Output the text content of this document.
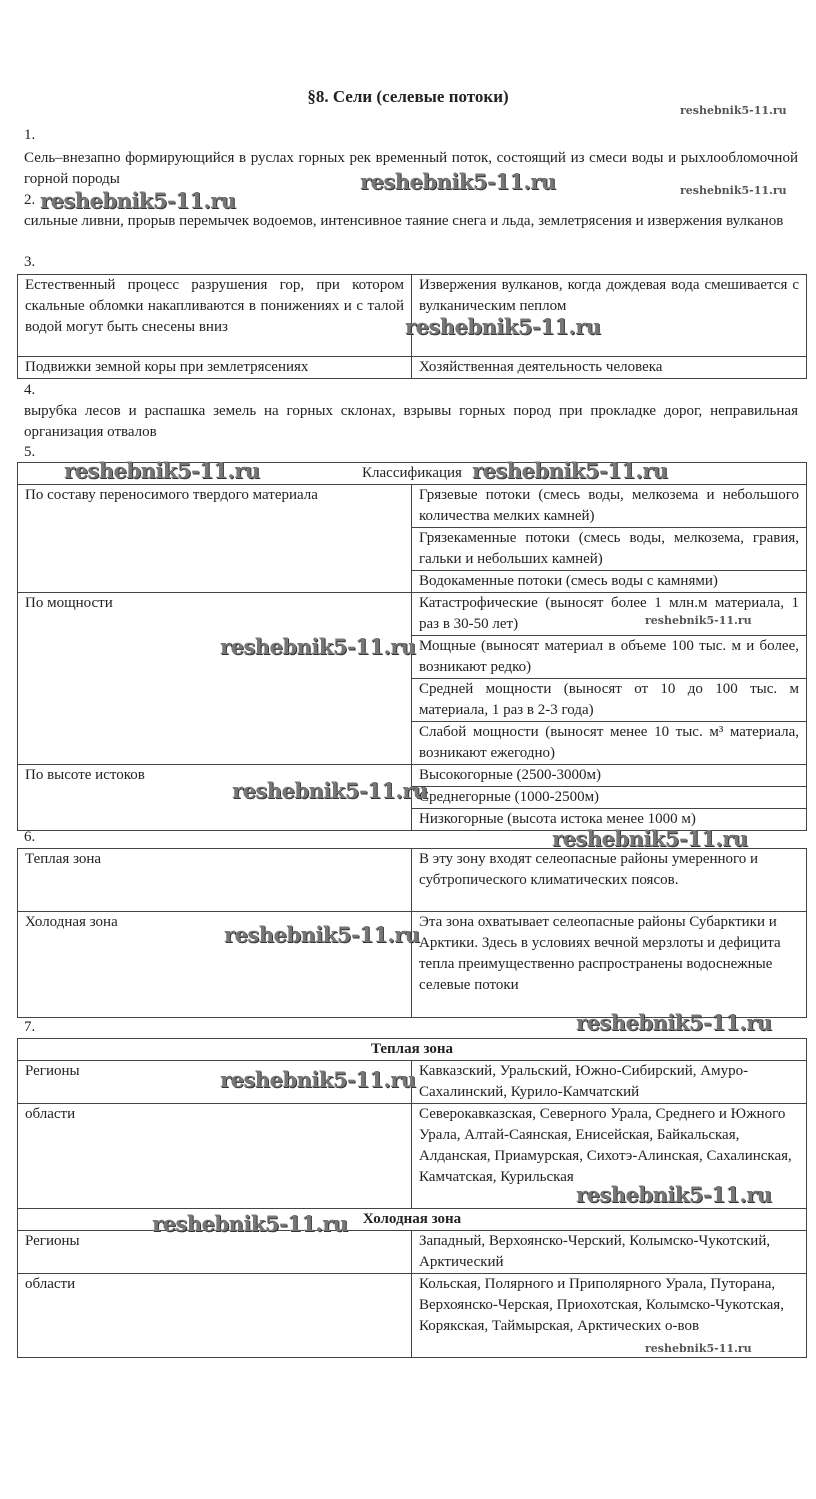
§8. Сели (селевые потоки)
1.
Сель–внезапно формирующийся в руслах горных рек временный поток, состоящий из смеси воды и рыхлообломочной горной породы
2.
сильные ливни, прорыв перемычек водоемов, интенсивное таяние снега и льда, землетрясения и извержения вулканов
3.
Естественный процесс разрушения гор, при котором скальные обломки накапливаются в понижениях и с талой водой могут быть снесены вниз	Извержения вулканов, когда дождевая вода смешивается с вулканическим пеплом
Подвижки земной коры при землетрясениях	Хозяйственная деятельность человека
4.
вырубка лесов и распашка земель на горных склонах, взрывы горных пород при прокладке дорог, неправильная организация отвалов
5.
Классификация	
По составу переносимого твердого материала	Грязевые потоки (смесь воды, мелкозема и небольшого количества мелких камней)
	Грязекаменные потоки (смесь воды, мелкозема, гравия, гальки и небольших камней)
	Водокаменные потоки (смесь воды с камнями)
По мощности	Катастрофические (выносят более 1 млн.м материала, 1 раз в 30-50 лет)
	Мощные (выносят материал в объеме 100 тыс. м и более, возникают редко)
	Средней мощности (выносят от 10 до 100 тыс. м материала, 1 раз в 2-3 года)
	Слабой мощности (выносят менее 10 тыс. м³ материала, возникают ежегодно)
По высоте истоков	Высокогорные (2500-3000м)
	Среднегорные (1000-2500м)
	Низкогорные (высота истока менее 1000 м)
6.
Теплая зона	В эту зону входят селеопасные районы умеренного и субтропического климатических поясов.
Холодная зона	Эта зона охватывает селеопасные районы Субарктики и Арктики. Здесь в условиях вечной мерзлоты и дефицита тепла преимущественно распространены водоснежные селевые потоки
7.
Теплая зона	
Регионы	Кавказский, Уральский, Южно-Сибирский, Амуро-Сахалинский, Курило-Камчатский
области	Северокавказская, Северного Урала, Среднего и Южного Урала, Алтай-Саянская, Енисейская, Байкальская, Алданская, Приамурская, Сихотэ-Алинская, Сахалинская, Камчатская, Курильская
Холодная зона	
Регионы	Западный, Верхоянско-Черский, Колымско-Чукотский, Арктический
области	Кольская, Полярного и Приполярного Урала, Путорана, Верхоянско-Черская, Приохотская, Колымско-Чукотская, Корякская, Таймырская, Арктических о-вов
reshebnik5-11.ru
reshebnik5-11.ru
reshebnik5-11.ru
reshebnik5-11.ru
reshebnik5-11.ru
reshebnik5-11.ru	reshebnik5-11.ru
reshebnik5-11.ru
reshebnik5-11.ru
reshebnik5-11.ru
reshebnik5-11.ru
reshebnik5-11.ru
reshebnik5-11.ru
reshebnik5-11.ru
reshebnik5-11.ru
reshebnik5-11.ru
reshebnik5-11.ru
